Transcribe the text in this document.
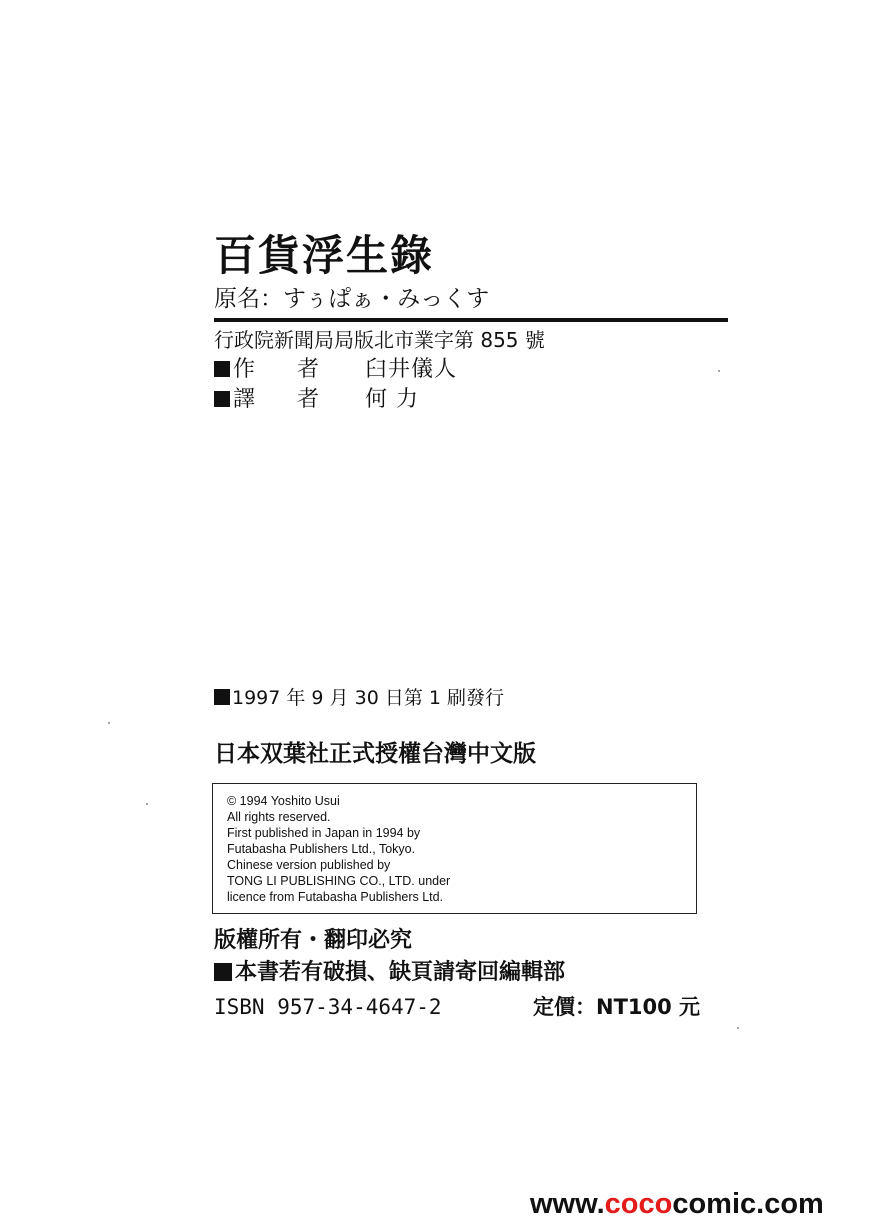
百貨浮生錄
原名：すぅぱぁ・みっくす
行政院新聞局局版北市業字第 855 號
作 者 臼井儀人
譯 者 何 力
1997 年 9 月 30 日第 1 刷發行
日本双葉社正式授權台灣中文版
© 1994 Yoshito Usui
All rights reserved.
First published in Japan in 1994 by
Futabasha Publishers Ltd., Tokyo.
Chinese version published by
TONG LI PUBLISHING CO., LTD. under
licence from Futabasha Publishers Ltd.
版權所有・翻印必究
本書若有破損、缺頁請寄回編輯部
ISBN 957-34-4647-2	定價：NT100 元
www.cococomic.com
